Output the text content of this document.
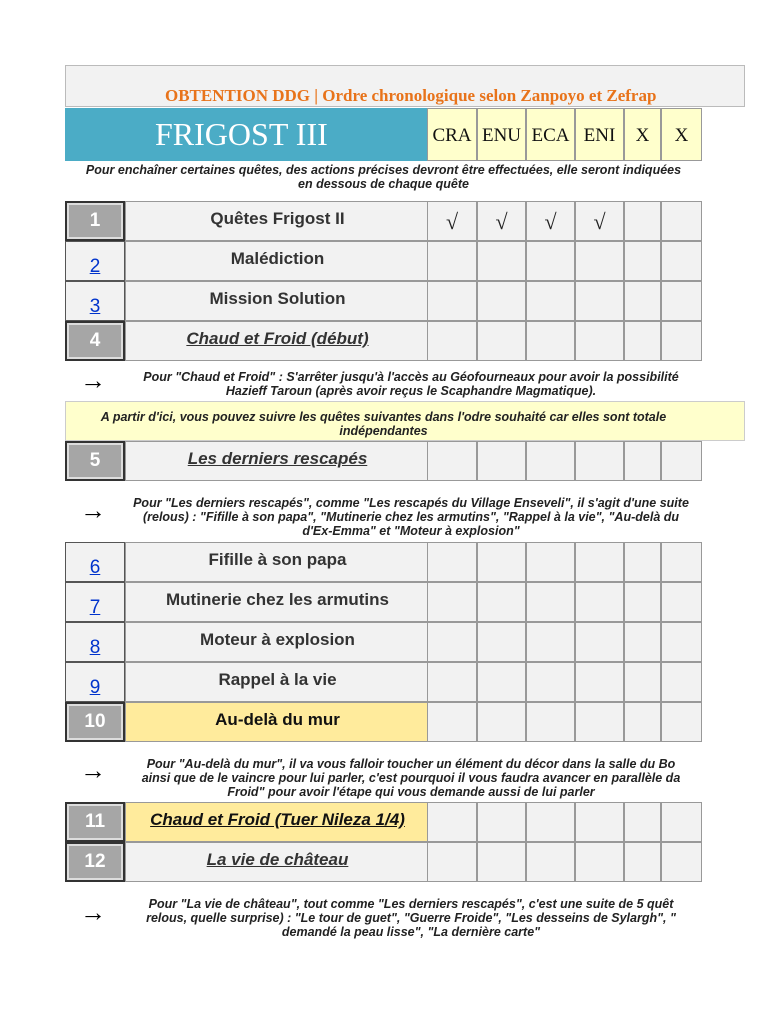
OBTENTION DDG | Ordre chronologique selon Zanpoyo et Zefrap
FRIGOST III	CRA ENU ECA ENI	X	X
Pour enchaîner certaines quêtes, des actions précises devront être effectuées, elle seront indiquées
en dessous de chaque quête
1	Quêtes Frigost II	√	√	√	√
2	Malédiction
3	Mission Solution
4	Chaud et Froid (début)
→	Pour "Chaud et Froid" : S'arrêter jusqu'à l'accès au Géofourneaux pour avoir la possibilité
Hazieff Taroun (après avoir reçus le Scaphandre Magmatique).
A partir d'ici, vous pouvez suivre les quêtes suivantes dans l'odre souhaité car elles sont totale
indépendantes
5	Les derniers rescapés
→	Pour "Les derniers rescapés", comme "Les rescapés du Village Enseveli", il s'agit d'une suite
(relous) : "Fifille à son papa", "Mutinerie chez les armutins", "Rappel à la vie", "Au-delà du
d'Ex-Emma" et "Moteur à explosion"
6	Fifille à son papa
7	Mutinerie chez les armutins
8	Moteur à explosion
9	Rappel à la vie
10	Au-delà du mur
→	Pour "Au-delà du mur", il va vous falloir toucher un élément du décor dans la salle du Bo
ainsi que de le vaincre pour lui parler, c'est pourquoi il vous faudra avancer en parallèle da
Froid" pour avoir l'étape qui vous demande aussi de lui parler
11	Chaud et Froid (Tuer Nileza 1/4)
12	La vie de château
→	Pour "La vie de château", tout comme "Les derniers rescapés", c'est une suite de 5 quêt
relous, quelle surprise) : "Le tour de guet", "Guerre Froide", "Les desseins de Sylargh", "
demandé la peau lisse", "La dernière carte"
